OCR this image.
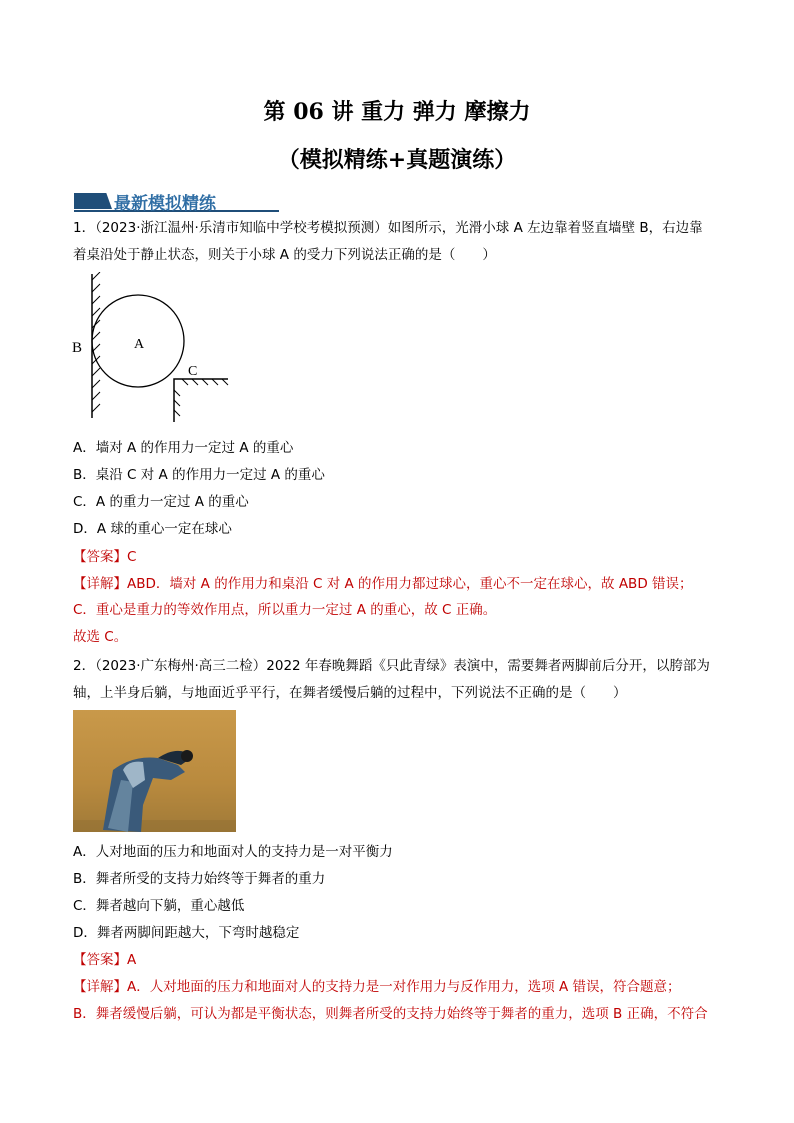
第 06 讲 重力 弹力 摩擦力
（模拟精练+真题演练）
最新模拟精练
1．（2023·浙江温州·乐清市知临中学校考模拟预测）如图所示，光滑小球 A 左边靠着竖直墙壁 B，右边靠
着桌沿处于静止状态，则关于小球 A 的受力下列说法正确的是（　　）
A
B
C
A．墙对 A 的作用力一定过 A 的重心
B．桌沿 C 对 A 的作用力一定过 A 的重心
C．A 的重力一定过 A 的重心
D．A 球的重心一定在球心
【答案】C
【详解】ABD．墙对 A 的作用力和桌沿 C 对 A 的作用力都过球心，重心不一定在球心，故 ABD 错误；
C．重心是重力的等效作用点，所以重力一定过 A 的重心，故 C 正确。
故选 C。
2．（2023·广东梅州·高三二检）2022 年春晚舞蹈《只此青绿》表演中，需要舞者两脚前后分开，以胯部为
轴，上半身后躺，与地面近乎平行，在舞者缓慢后躺的过程中，下列说法不正确的是（　　）
A．人对地面的压力和地面对人的支持力是一对平衡力
B．舞者所受的支持力始终等于舞者的重力
C．舞者越向下躺，重心越低
D．舞者两脚间距越大，下弯时越稳定
【答案】A
【详解】A．人对地面的压力和地面对人的支持力是一对作用力与反作用力，选项 A 错误，符合题意；
B．舞者缓慢后躺，可认为都是平衡状态，则舞者所受的支持力始终等于舞者的重力，选项 B 正确，不符合
